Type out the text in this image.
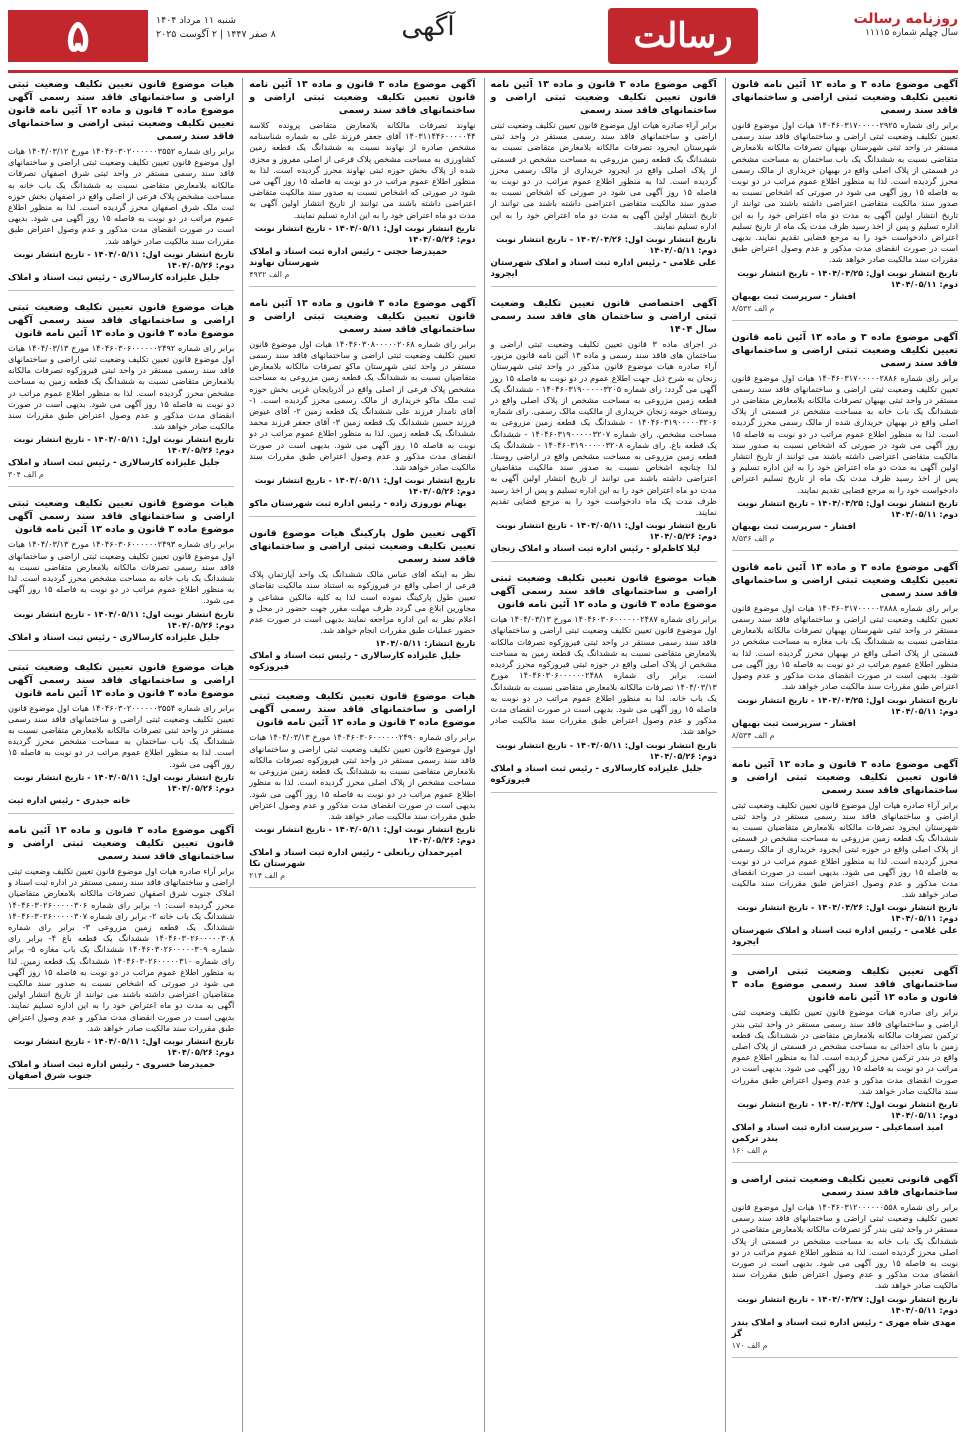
۵	شنبه ۱۱ مرداد ۱۴۰۴
۸ صفر ۱۴۴۷ | ۲ آگوست ۲۰۲۵	آگهی	رسالت	روزنامه رسالت
سال چهلم شماره ۱۱۱۱۵

آگهی موضوع ماده ۳ و ماده ۱۳ آئین نامه قانون تعیین تکلیف وضعیت ثبتی اراضی و ساختمانهای فاقد سند رسمی

برابر رای شماره ۱۴۰۴۶۰۳۱۷۰۰۰۰۰۲۹۲۵ هیات اول موضوع قانون تعیین تکلیف وضعیت ثبتی اراضی و ساختمانهای فاقد سند رسمی مستقر در واحد ثبتی شهرستان بهبهان تصرفات مالکانه بلامعارض متقاضی نسبت به ششدانگ یک باب ساختمان به مساحت مشخص در قسمتی از پلاک اصلی واقع در بهبهان خریداری از مالک رسمی محرز گردیده است. لذا به منظور اطلاع عموم مراتب در دو نوبت به فاصله ۱۵ روز آگهی می شود در صورتی که اشخاص نسبت به صدور سند مالکیت متقاضی اعتراضی داشته باشند می توانند از تاریخ انتشار اولین آگهی به مدت دو ماه اعتراض خود را به این اداره تسلیم و پس از اخذ رسید ظرف مدت یک ماه از تاریخ تسلیم اعتراض دادخواست خود را به مرجع قضایی تقدیم نمایند. بدیهی است در صورت انقضای مدت مذکور و عدم وصول اعتراض طبق مقررات سند مالکیت صادر خواهد شد.

تاریخ انتشار نوبت اول: ۱۴۰۴/۰۴/۲۵ - تاریخ انتشار نوبت دوم: ۱۴۰۴/۰۵/۱۱

افشار - سرپرست ثبت بهبهان

م الف ۸/۵۳۲

آگهی موضوع ماده ۳ و ماده ۱۳ آئین نامه قانون تعیین تکلیف وضعیت ثبتی اراضی و ساختمانهای فاقد سند رسمی

برابر رای شماره ۱۴۰۴۶۰۳۱۷۰۰۰۰۰۲۸۸۶ هیات اول موضوع قانون تعیین تکلیف وضعیت ثبتی اراضی و ساختمانهای فاقد سند رسمی مستقر در واحد ثبتی بهبهان تصرفات مالکانه بلامعارض متقاضی در ششدانگ یک باب خانه به مساحت مشخص در قسمتی از پلاک اصلی واقع در بهبهان خریداری شده از مالک رسمی محرز گردیده است. لذا به منظور اطلاع عموم مراتب در دو نوبت به فاصله ۱۵ روز آگهی می شود در صورتی که اشخاص نسبت به صدور سند مالکیت متقاضی اعتراضی داشته باشند می توانند از تاریخ انتشار اولین آگهی به مدت دو ماه اعتراض خود را به این اداره تسلیم و پس از اخذ رسید ظرف مدت یک ماه از تاریخ تسلیم اعتراض دادخواست خود را به مرجع قضایی تقدیم نمایند.

تاریخ انتشار نوبت اول: ۱۴۰۴/۰۴/۲۵ - تاریخ انتشار نوبت دوم: ۱۴۰۴/۰۵/۱۱

افشار - سرپرست ثبت بهبهان

م الف ۸/۵۳۶

آگهی موضوع ماده ۳ و ماده ۱۳ آئین نامه قانون تعیین تکلیف وضعیت ثبتی اراضی و ساختمانهای فاقد سند رسمی

برابر رای شماره ۱۴۰۴۶۰۳۱۷۰۰۰۰۰۲۸۸۸ هیات اول موضوع قانون تعیین تکلیف وضعیت ثبتی اراضی و ساختمانهای فاقد سند رسمی مستقر در واحد ثبتی شهرستان بهبهان تصرفات مالکانه بلامعارض متقاضی نسبت به ششدانگ یک باب مغازه به مساحت مشخص در قسمتی از پلاک اصلی واقع در بهبهان محرز گردیده است. لذا به منظور اطلاع عموم مراتب در دو نوبت به فاصله ۱۵ روز آگهی می شود. بدیهی است در صورت انقضای مدت مذکور و عدم وصول اعتراض طبق مقررات سند مالکیت صادر خواهد شد.

تاریخ انتشار نوبت اول: ۱۴۰۴/۰۴/۲۵ - تاریخ انتشار نوبت دوم: ۱۴۰۴/۰۵/۱۱

افشار - سرپرست ثبت بهبهان

م الف ۸/۵۳۴

آگهی موضوع ماده ۳ قانون و ماده ۱۳ آئین نامه قانون تعیین تکلیف وضعیت ثبتی اراضی و ساختمانهای فاقد سند رسمی

برابر آراء صادره هیات اول موضوع قانون تعیین تکلیف وضعیت ثبتی اراضی و ساختمانهای فاقد سند رسمی مستقر در واحد ثبتی شهرستان ایجرود تصرفات مالکانه بلامعارض متقاضیان نسبت به ششدانگ یک قطعه زمین مزروعی به مساحت مشخص در قسمتی از پلاک اصلی واقع در حوزه ثبتی ایجرود خریداری از مالک رسمی محرز گردیده است. لذا به منظور اطلاع عموم مراتب در دو نوبت به فاصله ۱۵ روز آگهی می شود. بدیهی است در صورت انقضای مدت مذکور و عدم وصول اعتراض طبق مقررات سند مالکیت صادر خواهد شد.

تاریخ انتشار نوبت اول: ۱۴۰۴/۰۴/۲۶ - تاریخ انتشار نوبت دوم: ۱۴۰۴/۰۵/۱۱

علی غلامی - رئیس اداره ثبت اسناد و املاک شهرستان ایجرود

آگهی تعیین تکلیف وضعیت ثبتی اراضی و ساختمانهای فاقد سند رسمی موضوع ماده ۳ قانون و ماده ۱۳ آئین نامه قانون

برابر رای صادره هیات موضوع قانون تعیین تکلیف وضعیت ثبتی اراضی و ساختمانهای فاقد سند رسمی مستقر در واحد ثبتی بندر ترکمن تصرفات مالکانه بلامعارض متقاضی در ششدانگ یک قطعه زمین با بنای احداثی به مساحت مشخص در قسمتی از پلاک اصلی واقع در بندر ترکمن محرز گردیده است. لذا به منظور اطلاع عموم مراتب در دو نوبت به فاصله ۱۵ روز آگهی می شود. بدیهی است در صورت انقضای مدت مذکور و عدم وصول اعتراض طبق مقررات سند مالکیت صادر خواهد شد.

تاریخ انتشار نوبت اول: ۱۴۰۴/۰۴/۲۷ - تاریخ انتشار نوبت دوم: ۱۴۰۴/۰۵/۱۱

امید اسماعیلی - سرپرست اداره ثبت اسناد و املاک بندر ترکمن

م الف ۱۶۰

آگهی قانونی تعیین تکلیف وضعیت ثبتی اراضی و ساختمانهای فاقد سند رسمی

برابر رای شماره ۱۴۰۴۶۰۳۱۲۰۰۰۰۰۰۵۵۸ هیات اول موضوع قانون تعیین تکلیف وضعیت ثبتی اراضی و ساختمانهای فاقد سند رسمی مستقر در واحد ثبتی بندر گز تصرفات مالکانه بلامعارض متقاضی در ششدانگ یک باب خانه به مساحت مشخص در قسمتی از پلاک اصلی محرز گردیده است. لذا به منظور اطلاع عموم مراتب در دو نوبت به فاصله ۱۵ روز آگهی می شود. بدیهی است در صورت انقضای مدت مذکور و عدم وصول اعتراض طبق مقررات سند مالکیت صادر خواهد شد.

تاریخ انتشار نوبت اول: ۱۴۰۴/۰۴/۲۷ - تاریخ انتشار نوبت دوم: ۱۴۰۴/۰۵/۱۱

مهدی شاه مهری - رئیس اداره ثبت اسناد و املاک بندر گز

م الف ۱۷۰

آگهی موضوع ماده ۳ قانون و ماده ۱۳ آئین نامه قانون تعیین تکلیف وضعیت ثبتی اراضی و ساختمانهای فاقد سند رسمی

برابر آراء صادره هیات اول موضوع قانون تعیین تکلیف وضعیت ثبتی اراضی و ساختمانهای فاقد سند رسمی مستقر در واحد ثبتی شهرستان ایجرود تصرفات مالکانه بلامعارض متقاضی نسبت به ششدانگ یک قطعه زمین مزروعی به مساحت مشخص در قسمتی از پلاک اصلی واقع در ایجرود خریداری از مالک رسمی محرز گردیده است. لذا به منظور اطلاع عموم مراتب در دو نوبت به فاصله ۱۵ روز آگهی می شود در صورتی که اشخاص نسبت به صدور سند مالکیت متقاضی اعتراضی داشته باشند می توانند از تاریخ انتشار اولین آگهی به مدت دو ماه اعتراض خود را به این اداره تسلیم نمایند.

تاریخ انتشار نوبت اول: ۱۴۰۴/۰۴/۲۶ - تاریخ انتشار نوبت دوم: ۱۴۰۴/۰۵/۱۱

علی غلامی - رئیس اداره ثبت اسناد و املاک شهرستان ایجرود

آگهی اختصاصی قانون تعیین تکلیف وضعیت ثبتی اراضی و ساختمان های فاقد سند رسمی سال ۱۴۰۴

در اجرای ماده ۳ قانون تعیین تکلیف وضعیت ثبتی اراضی و ساختمان های فاقد سند رسمی و ماده ۱۳ آئین نامه قانون مزبور، آراء صادره هیات موضوع قانون مذکور در واحد ثبتی شهرستان زنجان به شرح ذیل جهت اطلاع عموم در دو نوبت به فاصله ۱۵ روز آگهی می گردد: رای شماره ۱۴۰۴۶۰۳۱۹۰۰۰۰۰۳۲۰۵ - ششدانگ یک قطعه زمین مزروعی به مساحت مشخص از پلاک اصلی واقع در روستای حومه زنجان خریداری از مالکیت مالک رسمی. رای شماره ۱۴۰۴۶۰۳۱۹۰۰۰۰۰۳۲۰۶ - ششدانگ یک قطعه زمین مزروعی به مساحت مشخص. رای شماره ۱۴۰۴۶۰۳۱۹۰۰۰۰۰۳۲۰۷ - ششدانگ یک قطعه باغ. رای شماره ۱۴۰۴۶۰۳۱۹۰۰۰۰۰۳۲۰۸ - ششدانگ یک قطعه زمین مزروعی به مساحت مشخص واقع در اراضی روستا. لذا چنانچه اشخاص نسبت به صدور سند مالکیت متقاضیان اعتراضی داشته باشند می توانند از تاریخ انتشار اولین آگهی به مدت دو ماه اعتراض خود را به این اداره تسلیم و پس از اخذ رسید ظرف مدت یک ماه دادخواست خود را به مرجع قضایی تقدیم نمایند.

تاریخ انتشار نوبت اول: ۱۴۰۴/۰۵/۱۱ - تاریخ انتشار نوبت دوم: ۱۴۰۴/۰۵/۲۶

لیلا کاظم‌لو - رئیس اداره ثبت اسناد و املاک زنجان

هیات موضوع قانون تعیین تکلیف وضعیت ثبتی اراضی و ساختمانهای فاقد سند رسمی آگهی موضوع ماده ۳ قانون و ماده ۱۳ آئین نامه قانون

برابر رای شماره ۱۴۰۴۶۰۳۰۶۰۰۰۰۰۰۲۴۸۷ مورخ ۱۴۰۴/۰۳/۱۳ هیات اول موضوع قانون تعیین تکلیف وضعیت ثبتی اراضی و ساختمانهای فاقد سند رسمی مستقر در واحد ثبتی فیروزکوه تصرفات مالکانه بلامعارض متقاضی نسبت به ششدانگ یک قطعه زمین به مساحت مشخص از پلاک اصلی واقع در حوزه ثبتی فیروزکوه محرز گردیده است. برابر رای شماره ۱۴۰۴۶۰۳۰۶۰۰۰۰۰۰۲۴۸۸ مورخ ۱۴۰۴/۰۳/۱۳ تصرفات مالکانه بلامعارض متقاضی نسبت به ششدانگ یک باب خانه. لذا به منظور اطلاع عموم مراتب در دو نوبت به فاصله ۱۵ روز آگهی می شود. بدیهی است در صورت انقضای مدت مذکور و عدم وصول اعتراض طبق مقررات سند مالکیت صادر خواهد شد.

تاریخ انتشار نوبت اول: ۱۴۰۴/۰۵/۱۱ - تاریخ انتشار نوبت دوم: ۱۴۰۴/۰۵/۲۶

جلیل علیزاده کارسالاری - رئیس ثبت اسناد و املاک فیروزکوه

آگهی موضوع ماده ۳ قانون و ماده ۱۳ آئین نامه قانون تعیین تکلیف وضعیت ثبتی اراضی و ساختمانهای فاقد سند رسمی

نهاوند تصرفات مالکانه بلامعارض متقاضی پرونده کلاسه ۱۴۰۳۱۱۴۴۶۰۰۰۰۰۴۴ آقای جعفر فرزند علی به شماره شناسنامه مشخص صادره از نهاوند نسبت به ششدانگ یک قطعه زمین کشاورزی به مساحت مشخص پلاک فرعی از اصلی مفروز و مجزی شده از پلاک بخش حوزه ثبتی نهاوند محرز گردیده است. لذا به منظور اطلاع عموم مراتب در دو نوبت به فاصله ۱۵ روز آگهی می شود در صورتی که اشخاص نسبت به صدور سند مالکیت متقاضی اعتراضی داشته باشند می توانند از تاریخ انتشار اولین آگهی به مدت دو ماه اعتراض خود را به این اداره تسلیم نمایند.

تاریخ انتشار نوبت اول: ۱۴۰۴/۰۵/۱۱ - تاریخ انتشار نوبت دوم: ۱۴۰۴/۰۵/۲۶

حمیدرضا حجتی - رئیس اداره ثبت اسناد و املاک شهرستان نهاوند

م الف ۴۹۳۲

آگهی موضوع ماده ۳ قانون و ماده ۱۳ آئین نامه قانون تعیین تکلیف وضعیت ثبتی اراضی و ساختمانهای فاقد سند رسمی

برابر رای شماره ۱۴۰۴۶۰۳۰۸۰۰۰۰۰۲۰۶۸ هیات اول موضوع قانون تعیین تکلیف وضعیت ثبتی اراضی و ساختمانهای فاقد سند رسمی مستقر در واحد ثبتی شهرستان ماکو تصرفات مالکانه بلامعارض متقاضیان نسبت به ششدانگ یک قطعه زمین مزروعی به مساحت مشخص پلاک فرعی از اصلی واقع در آذربایجان غربی بخش حوزه ثبت ملک ماکو خریداری از مالک رسمی محرز گردیده است. ۱- آقای نامدار فرزند علی ششدانگ یک قطعه زمین ۲- آقای عیوض فرزند حسین ششدانگ یک قطعه زمین ۳- آقای جعفر فرزند محمد ششدانگ یک قطعه زمین. لذا به منظور اطلاع عموم مراتب در دو نوبت به فاصله ۱۵ روز آگهی می شود. بدیهی است در صورت انقضای مدت مذکور و عدم وصول اعتراض طبق مقررات سند مالکیت صادر خواهد شد.

تاریخ انتشار نوبت اول: ۱۴۰۴/۰۵/۱۱ - تاریخ انتشار نوبت دوم: ۱۴۰۴/۰۵/۲۶

بهنام نوروزی زاده - رئیس اداره ثبت شهرستان ماکو

آگهی تعیین طول پارکینگ هیات موضوع قانون تعیین تکلیف وضعیت ثبتی اراضی و ساختمانهای فاقد سند رسمی

نظر به اینکه آقای عباس مالک ششدانگ یک واحد آپارتمان پلاک فرعی از اصلی واقع در فیروزکوه به استناد سند مالکیت تقاضای تعیین طول پارکینگ نموده است لذا به کلیه مالکین مشاعی و مجاورین ابلاغ می گردد ظرف مهلت مقرر جهت حضور در محل و اعلام نظر به این اداره مراجعه نمایند بدیهی است در صورت عدم حضور عملیات طبق مقررات انجام خواهد شد.

تاریخ انتشار: ۱۴۰۴/۰۵/۱۱

جلیل علیزاده کارسالاری - رئیس ثبت اسناد و املاک فیروزکوه

هیات موضوع قانون تعیین تکلیف وضعیت ثبتی اراضی و ساختمانهای فاقد سند رسمی آگهی موضوع ماده ۳ قانون و ماده ۱۳ آئین نامه قانون

برابر رای شماره ۱۴۰۴۶۰۳۰۶۰۰۰۰۰۰۲۴۹۰ مورخ ۱۴۰۴/۰۳/۱۳ هیات اول موضوع قانون تعیین تکلیف وضعیت ثبتی اراضی و ساختمانهای فاقد سند رسمی مستقر در واحد ثبتی فیروزکوه تصرفات مالکانه بلامعارض متقاضی نسبت به ششدانگ یک قطعه زمین مزروعی به مساحت مشخص از پلاک اصلی محرز گردیده است. لذا به منظور اطلاع عموم مراتب در دو نوبت به فاصله ۱۵ روز آگهی می شود. بدیهی است در صورت انقضای مدت مذکور و عدم وصول اعتراض طبق مقررات سند مالکیت صادر خواهد شد.

تاریخ انتشار نوبت اول: ۱۴۰۴/۰۵/۱۱ - تاریخ انتشار نوبت دوم: ۱۴۰۴/۰۵/۲۶

امیرحمدان ربانعلی - رئیس اداره ثبت اسناد و املاک شهرستان نکا

م الف ۲۱۴

هیات موضوع قانون تعیین تکلیف وضعیت ثبتی اراضی و ساختمانهای فاقد سند رسمی آگهی موضوع ماده ۳ قانون و ماده ۱۳ آئین نامه قانون تعیین تکلیف وضعیت ثبتی اراضی و ساختمانهای فاقد سند رسمی

برابر رای شماره ۱۴۰۴۶۰۳۰۲۰۰۰۰۰۰۳۵۵۲ مورخ ۱۴۰۴/۰۳/۱۲ هیات اول موضوع قانون تعیین تکلیف وضعیت ثبتی اراضی و ساختمانهای فاقد سند رسمی مستقر در واحد ثبتی شرق اصفهان تصرفات مالکانه بلامعارض متقاضی نسبت به ششدانگ یک باب خانه به مساحت مشخص پلاک فرعی از اصلی واقع در اصفهان بخش حوزه ثبت ملک شرق اصفهان محرز گردیده است. لذا به منظور اطلاع عموم مراتب در دو نوبت به فاصله ۱۵ روز آگهی می شود. بدیهی است در صورت انقضای مدت مذکور و عدم وصول اعتراض طبق مقررات سند مالکیت صادر خواهد شد.

تاریخ انتشار نوبت اول: ۱۴۰۴/۰۵/۱۱ - تاریخ انتشار نوبت دوم: ۱۴۰۴/۰۵/۲۶

جلیل علیزاده کارسالاری - رئیس ثبت اسناد و املاک

هیات موضوع قانون تعیین تکلیف وضعیت ثبتی اراضی و ساختمانهای فاقد سند رسمی آگهی موضوع ماده ۳ قانون و ماده ۱۳ آئین نامه قانون

برابر رای شماره ۱۴۰۴۶۰۳۰۶۰۰۰۰۰۰۲۴۹۲ مورخ ۱۴۰۴/۰۳/۱۳ هیات اول موضوع قانون تعیین تکلیف وضعیت ثبتی اراضی و ساختمانهای فاقد سند رسمی مستقر در واحد ثبتی فیروزکوه تصرفات مالکانه بلامعارض متقاضی نسبت به ششدانگ یک قطعه زمین به مساحت مشخص محرز گردیده است. لذا به منظور اطلاع عموم مراتب در دو نوبت به فاصله ۱۵ روز آگهی می شود. بدیهی است در صورت انقضای مدت مذکور و عدم وصول اعتراض طبق مقررات سند مالکیت صادر خواهد شد.

تاریخ انتشار نوبت اول: ۱۴۰۴/۰۵/۱۱ - تاریخ انتشار نوبت دوم: ۱۴۰۴/۰۵/۲۶

جلیل علیزاده کارسالاری - رئیس ثبت اسناد و املاک

م الف ۳۰۴

هیات موضوع قانون تعیین تکلیف وضعیت ثبتی اراضی و ساختمانهای فاقد سند رسمی آگهی موضوع ماده ۳ قانون و ماده ۱۳ آئین نامه قانون

برابر رای شماره ۱۴۰۴۶۰۳۰۶۰۰۰۰۰۰۲۴۹۳ مورخ ۱۴۰۴/۰۳/۱۳ هیات اول موضوع قانون تعیین تکلیف وضعیت ثبتی اراضی و ساختمانهای فاقد سند رسمی تصرفات مالکانه بلامعارض متقاضی نسبت به ششدانگ یک باب خانه به مساحت مشخص محرز گردیده است. لذا به منظور اطلاع عموم مراتب در دو نوبت به فاصله ۱۵ روز آگهی می شود.

تاریخ انتشار نوبت اول: ۱۴۰۴/۰۵/۱۱ - تاریخ انتشار نوبت دوم: ۱۴۰۴/۰۵/۲۶

جلیل علیزاده کارسالاری - رئیس ثبت اسناد و املاک

هیات موضوع قانون تعیین تکلیف وضعیت ثبتی اراضی و ساختمانهای فاقد سند رسمی آگهی موضوع ماده ۳ قانون و ماده ۱۳ آئین نامه قانون

برابر رای شماره ۱۴۰۴۶۰۳۰۲۰۰۰۰۰۰۳۵۵۴ هیات اول موضوع قانون تعیین تکلیف وضعیت ثبتی اراضی و ساختمانهای فاقد سند رسمی مستقر در واحد ثبتی تصرفات مالکانه بلامعارض متقاضی نسبت به ششدانگ یک باب ساختمان به مساحت مشخص محرز گردیده است. لذا به منظور اطلاع عموم مراتب در دو نوبت به فاصله ۱۵ روز آگهی می شود.

تاریخ انتشار نوبت اول: ۱۴۰۴/۰۵/۱۱ - تاریخ انتشار نوبت دوم: ۱۴۰۴/۰۵/۲۶

خانه حیدری - رئیس اداره ثبت

آگهی موضوع ماده ۳ قانون و ماده ۱۳ آئین نامه قانون تعیین تکلیف وضعیت ثبتی اراضی و ساختمانهای فاقد سند رسمی

برابر آراء صادره هیات اول موضوع قانون تعیین تکلیف وضعیت ثبتی اراضی و ساختمانهای فاقد سند رسمی مستقر در اداره ثبت اسناد و املاک جنوب شرق اصفهان تصرفات مالکانه بلامعارض متقاضیان محرز گردیده است: ۱- برابر رای شماره ۱۴۰۴۶۰۳۰۲۶۰۰۰۰۰۳۰۶ ششدانگ یک باب خانه ۲- برابر رای شماره ۱۴۰۴۶۰۳۰۲۶۰۰۰۰۰۳۰۷ ششدانگ یک قطعه زمین مزروعی ۳- برابر رای شماره ۱۴۰۴۶۰۳۰۲۶۰۰۰۰۰۳۰۸ ششدانگ یک قطعه باغ ۴- برابر رای شماره ۱۴۰۴۶۰۳۰۲۶۰۰۰۰۰۳۰۹ ششدانگ یک باب مغازه ۵- برابر رای شماره ۱۴۰۴۶۰۳۰۲۶۰۰۰۰۰۳۱۰ ششدانگ یک قطعه زمین. لذا به منظور اطلاع عموم مراتب در دو نوبت به فاصله ۱۵ روز آگهی می شود در صورتی که اشخاص نسبت به صدور سند مالکیت متقاضیان اعتراضی داشته باشند می توانند از تاریخ انتشار اولین آگهی به مدت دو ماه اعتراض خود را به این اداره تسلیم نمایند. بدیهی است در صورت انقضای مدت مذکور و عدم وصول اعتراض طبق مقررات سند مالکیت صادر خواهد شد.

تاریخ انتشار نوبت اول: ۱۴۰۴/۰۵/۱۱ - تاریخ انتشار نوبت دوم: ۱۴۰۴/۰۵/۲۶

حمیدرضا خسروی - رئیس اداره ثبت اسناد و املاک جنوب شرق اصفهان
